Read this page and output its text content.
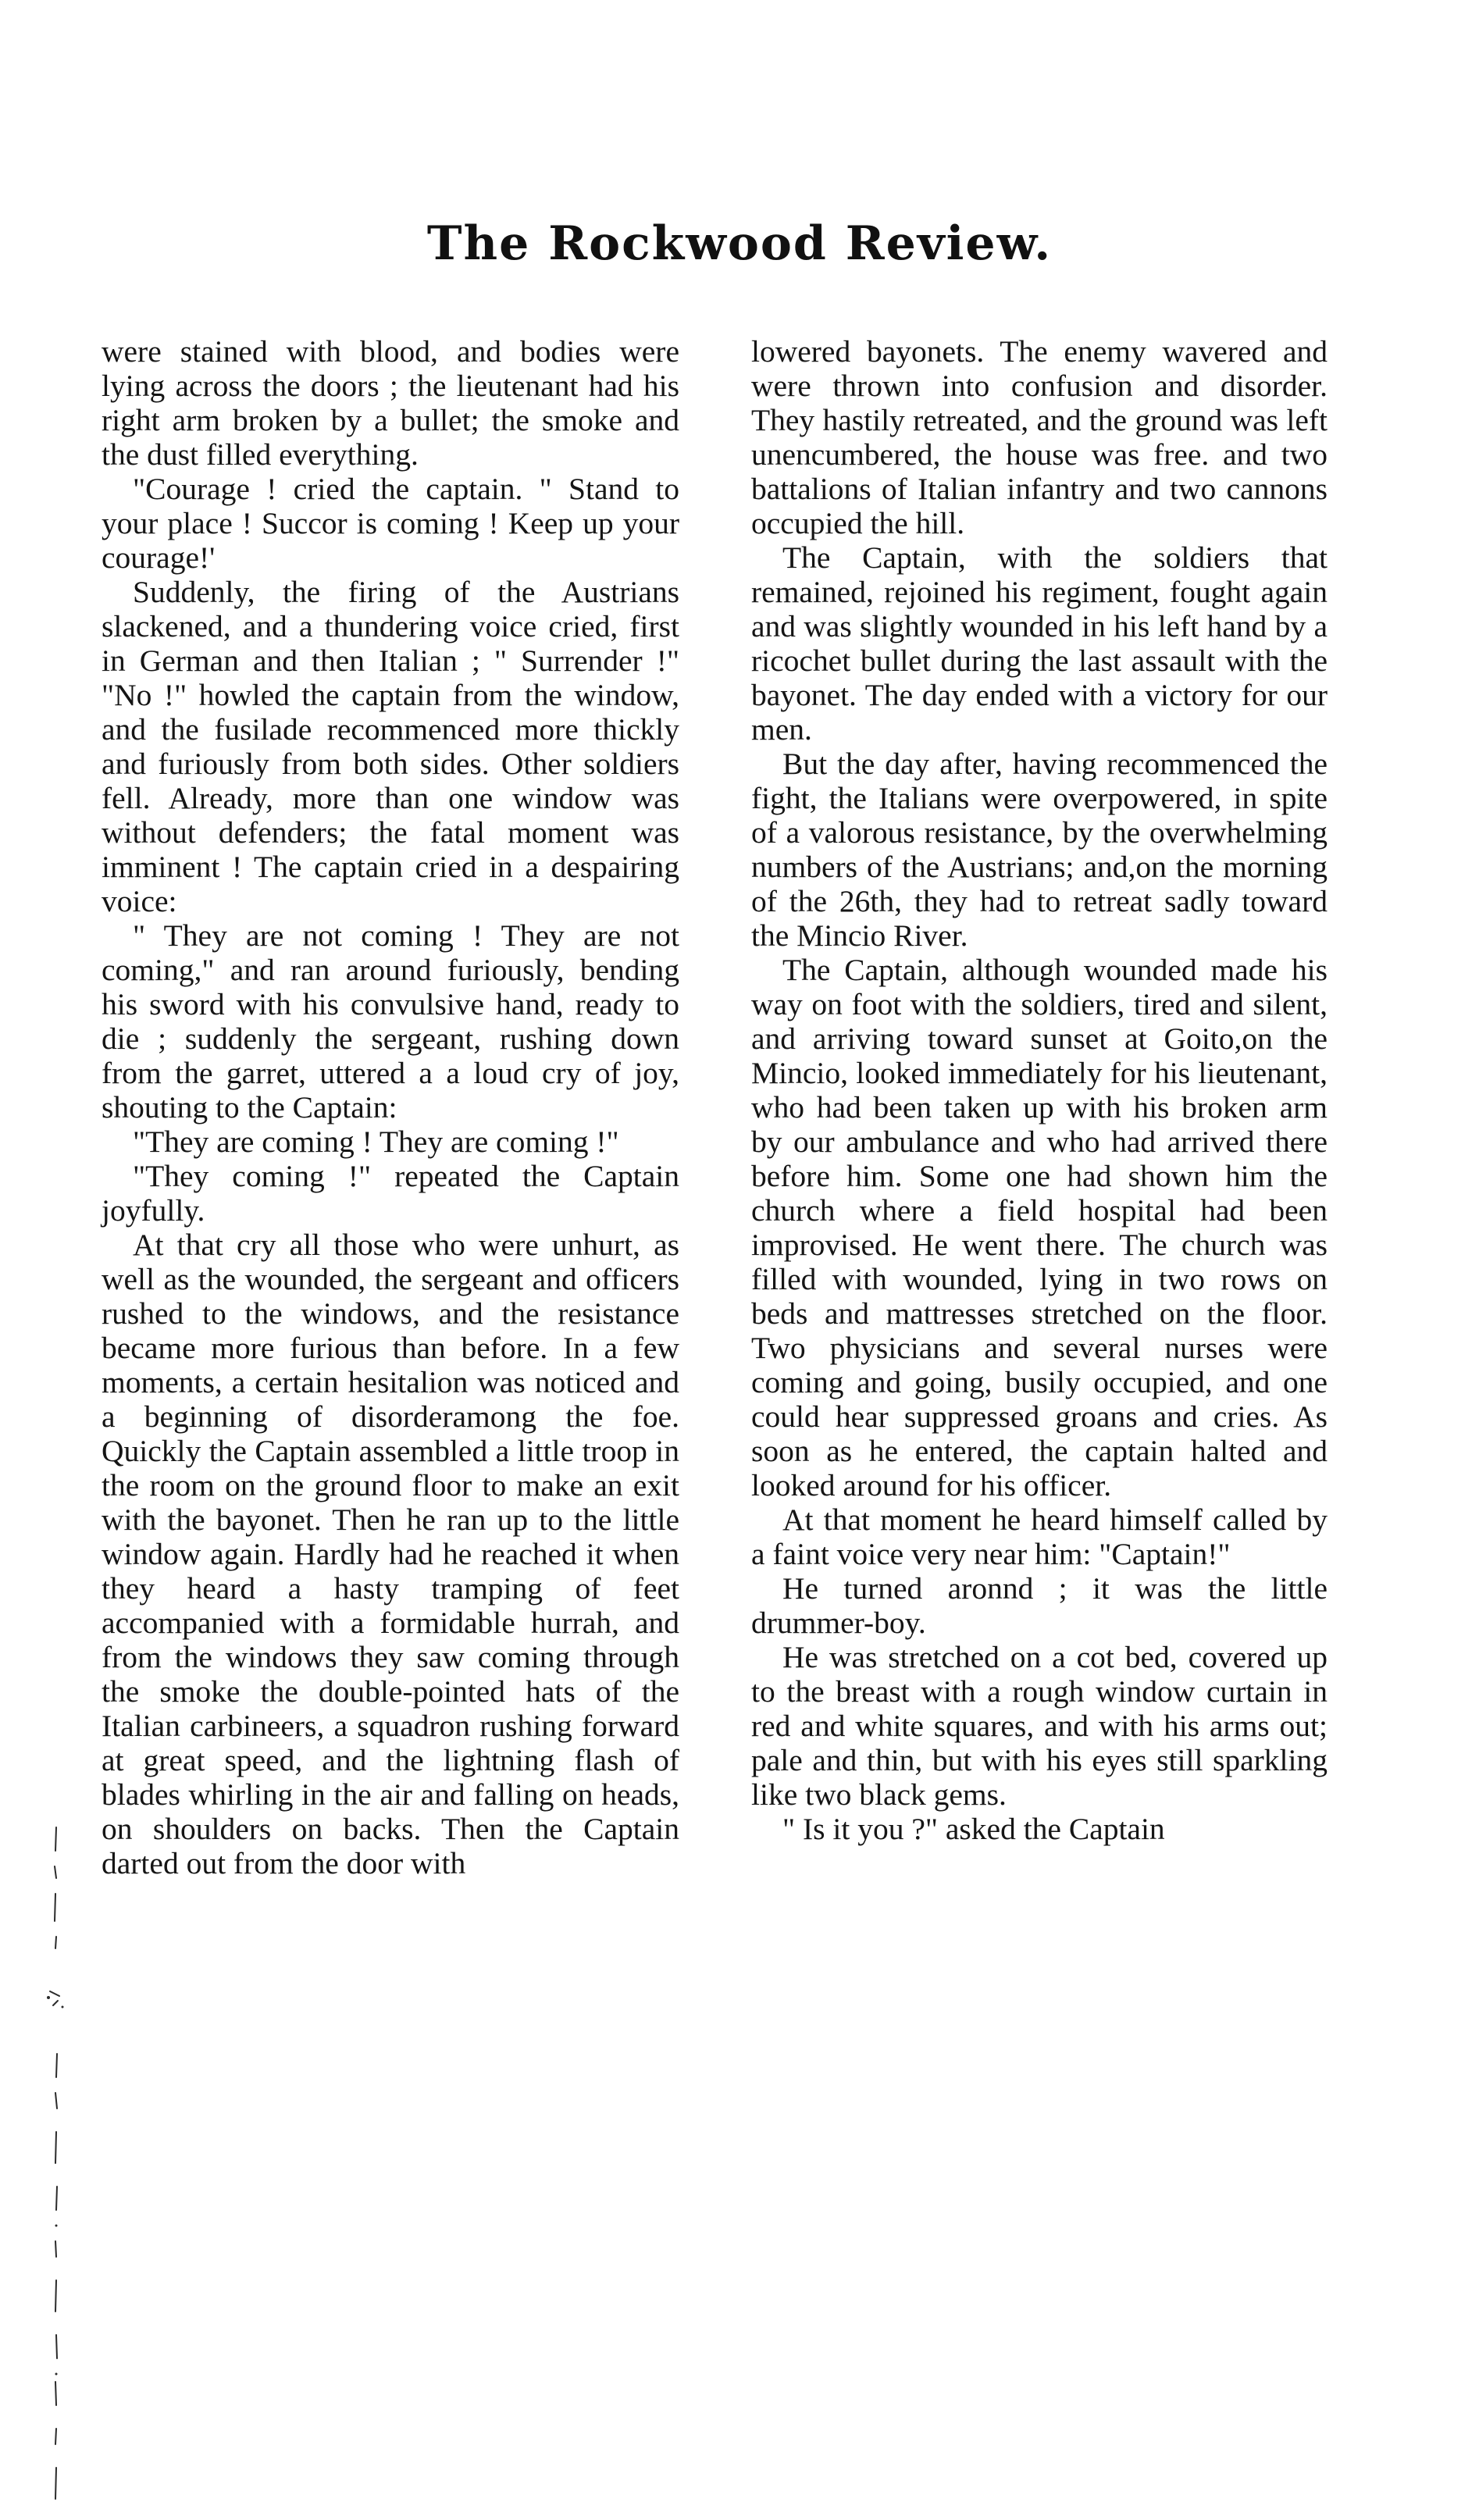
The Rockwood Review.

were stained with blood, and bodies were lying across the doors ; the lieutenant had his right arm broken by a bullet; the smoke and the dust filled everything.

"Courage ! cried the captain. " Stand to your place ! Succor is coming ! Keep up your courage!'

Suddenly, the firing of the Austrians slackened, and a thundering voice cried, first in German and then Italian ; " Surrender !" "No !" howled the captain from the window, and the fusilade recommenced more thickly and furiously from both sides. Other soldiers fell. Already, more than one window was without defenders; the fatal moment was imminent ! The captain cried in a despairing voice:

" They are not coming ! They are not coming," and ran around furiously, bending his sword with his convulsive hand, ready to die ; suddenly the sergeant, rushing down from the garret, uttered a a loud cry of joy, shouting to the Captain:

"They are coming ! They are coming !"

"They coming !" repeated the Captain joyfully.

At that cry all those who were unhurt, as well as the wounded, the sergeant and officers rushed to the windows, and the resistance became more furious than before. In a few moments, a certain hesitalion was noticed and a beginning of disorderamong the foe. Quickly the Captain assembled a little troop in the room on the ground floor to make an exit with the bayonet. Then he ran up to the little window again. Hardly had he reached it when they heard a hasty tramping of feet accompanied with a formidable hurrah, and from the windows they saw coming through the smoke the double-pointed hats of the Italian carbineers, a squadron rushing forward at great speed, and the lightning flash of blades whirling in the air and falling on heads, on shoulders on backs. Then the Captain darted out from the door with

lowered bayonets. The enemy wavered and were thrown into confusion and disorder. They hastily retreated, and the ground was left unencumbered, the house was free. and two battalions of Italian infantry and two cannons occupied the hill.

The Captain, with the soldiers that remained, rejoined his regiment, fought again and was slightly wounded in his left hand by a ricochet bullet during the last assault with the bayonet. The day ended with a victory for our men.

But the day after, having recommenced the fight, the Italians were overpowered, in spite of a valorous resistance, by the overwhelming numbers of the Austrians; and,on the morning of the 26th, they had to retreat sadly toward the Mincio River.

The Captain, although wounded made his way on foot with the soldiers, tired and silent, and arriving toward sunset at Goito,on the Mincio, looked immediately for his lieutenant, who had been taken up with his broken arm by our ambulance and who had arrived there before him. Some one had shown him the church where a field hospital had been improvised. He went there. The church was filled with wounded, lying in two rows on beds and mattresses stretched on the floor. Two physicians and several nurses were coming and going, busily occupied, and one could hear suppressed groans and cries. As soon as he entered, the captain halted and looked around for his officer.

At that moment he heard himself called by a faint voice very near him: "Captain!"

He turned aronnd ; it was the little drummer-boy.

He was stretched on a cot bed, covered up to the breast with a rough window curtain in red and white squares, and with his arms out; pale and thin, but with his eyes still sparkling like two black gems.

" Is it you ?" asked the Captain
